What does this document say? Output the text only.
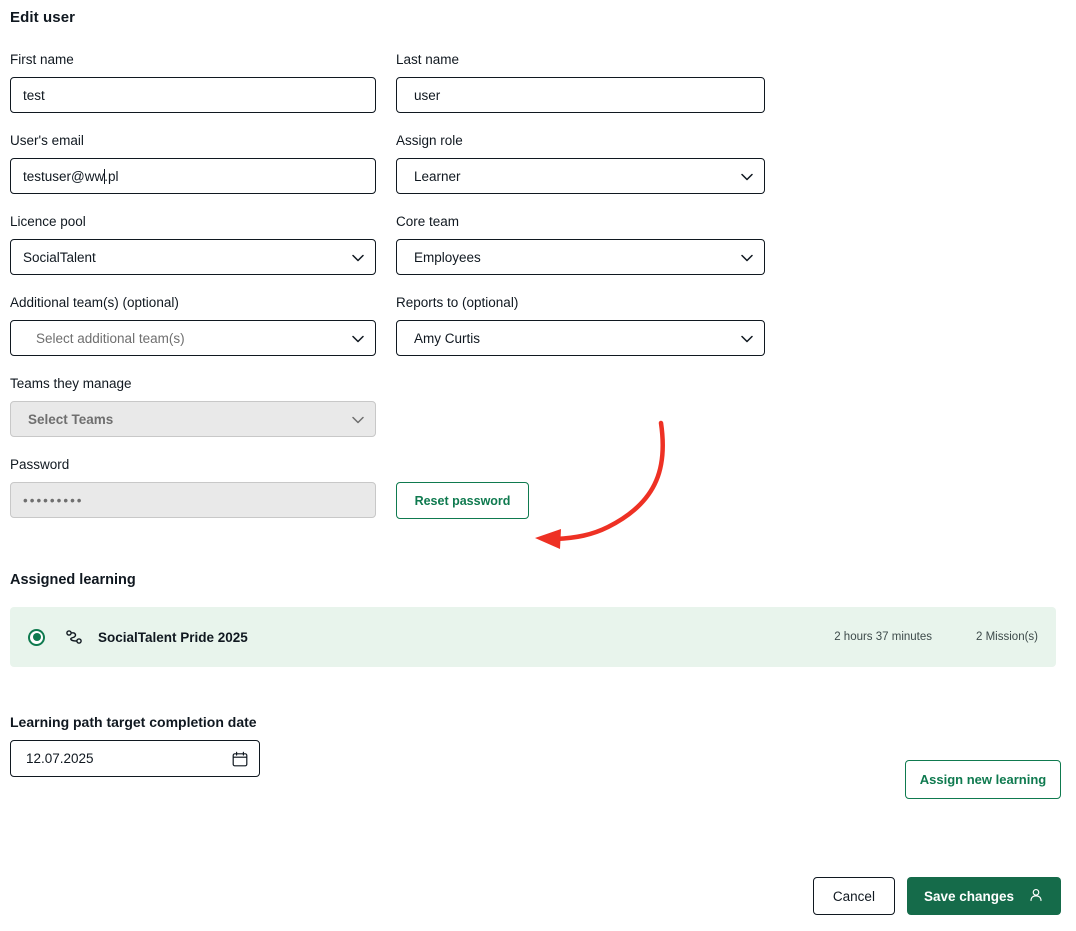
Edit user
First name
test
Last name
user
User's email
testuser@ww .pl
Assign role
Learner
Licence pool
SocialTalent
Core team
Employees
Additional team(s) (optional)
Select additional team(s)
Reports to (optional)
Amy Curtis
Teams they manage
Select Teams
Password
•••••••••	Reset password
Assigned learning
SocialTalent Pride 2025	2 hours 37 minutes	2 Mission(s)
Learning path target completion date
12.07.2025
Assign new learning
Cancel	Save changes
